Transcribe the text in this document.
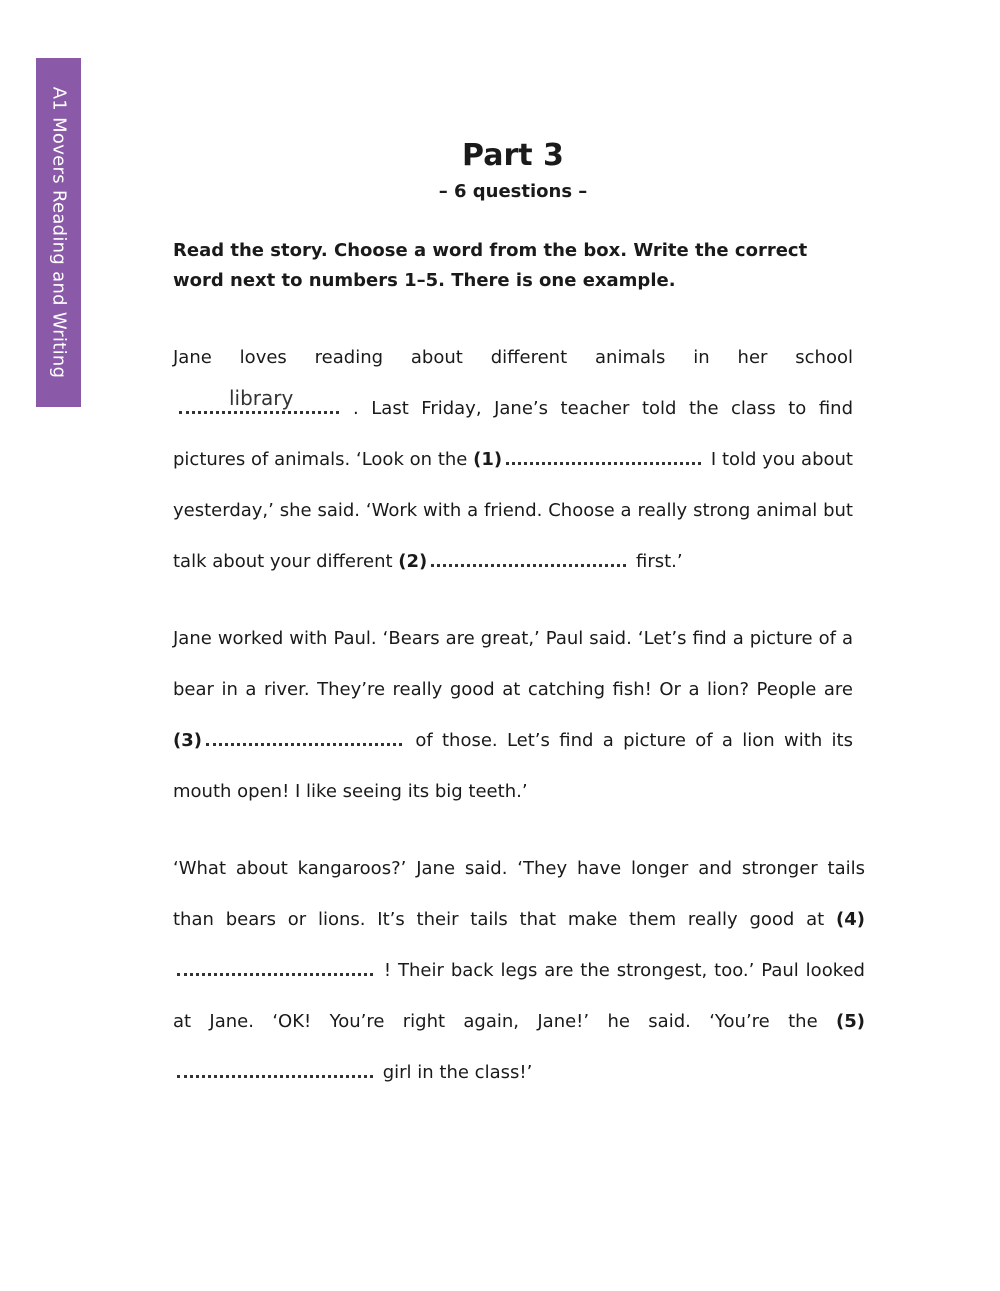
A1 Movers Reading and Writing	Part 3
– 6 questions –
Read the story. Choose a word from the box. Write the correct word next to numbers 1–5. There is one example.

Jane loves reading about different animals in her school
library	. Last Friday, Jane’s teacher told the class to find pictures of animals. ‘Look on the (1)	I told you about yesterday,’ she said. ‘Work with a friend. Choose a really strong animal but talk about your different (2)	first.’

Jane worked with Paul. ‘Bears are great,’ Paul said. ‘Let’s find a picture of a bear in a river. They’re really good at catching fish! Or a lion? People are (3)	of those. Let’s find a picture of a lion with its mouth open! I like seeing its big teeth.’

‘What about kangaroos?’ Jane said. ‘They have longer and stronger tails than bears or lions. It’s their tails that make them really good at (4) ! Their back legs are the strongest, too.’ Paul looked at Jane. ‘OK! You’re right again, Jane!’ he said. ‘You’re the (5) girl in the class!’
